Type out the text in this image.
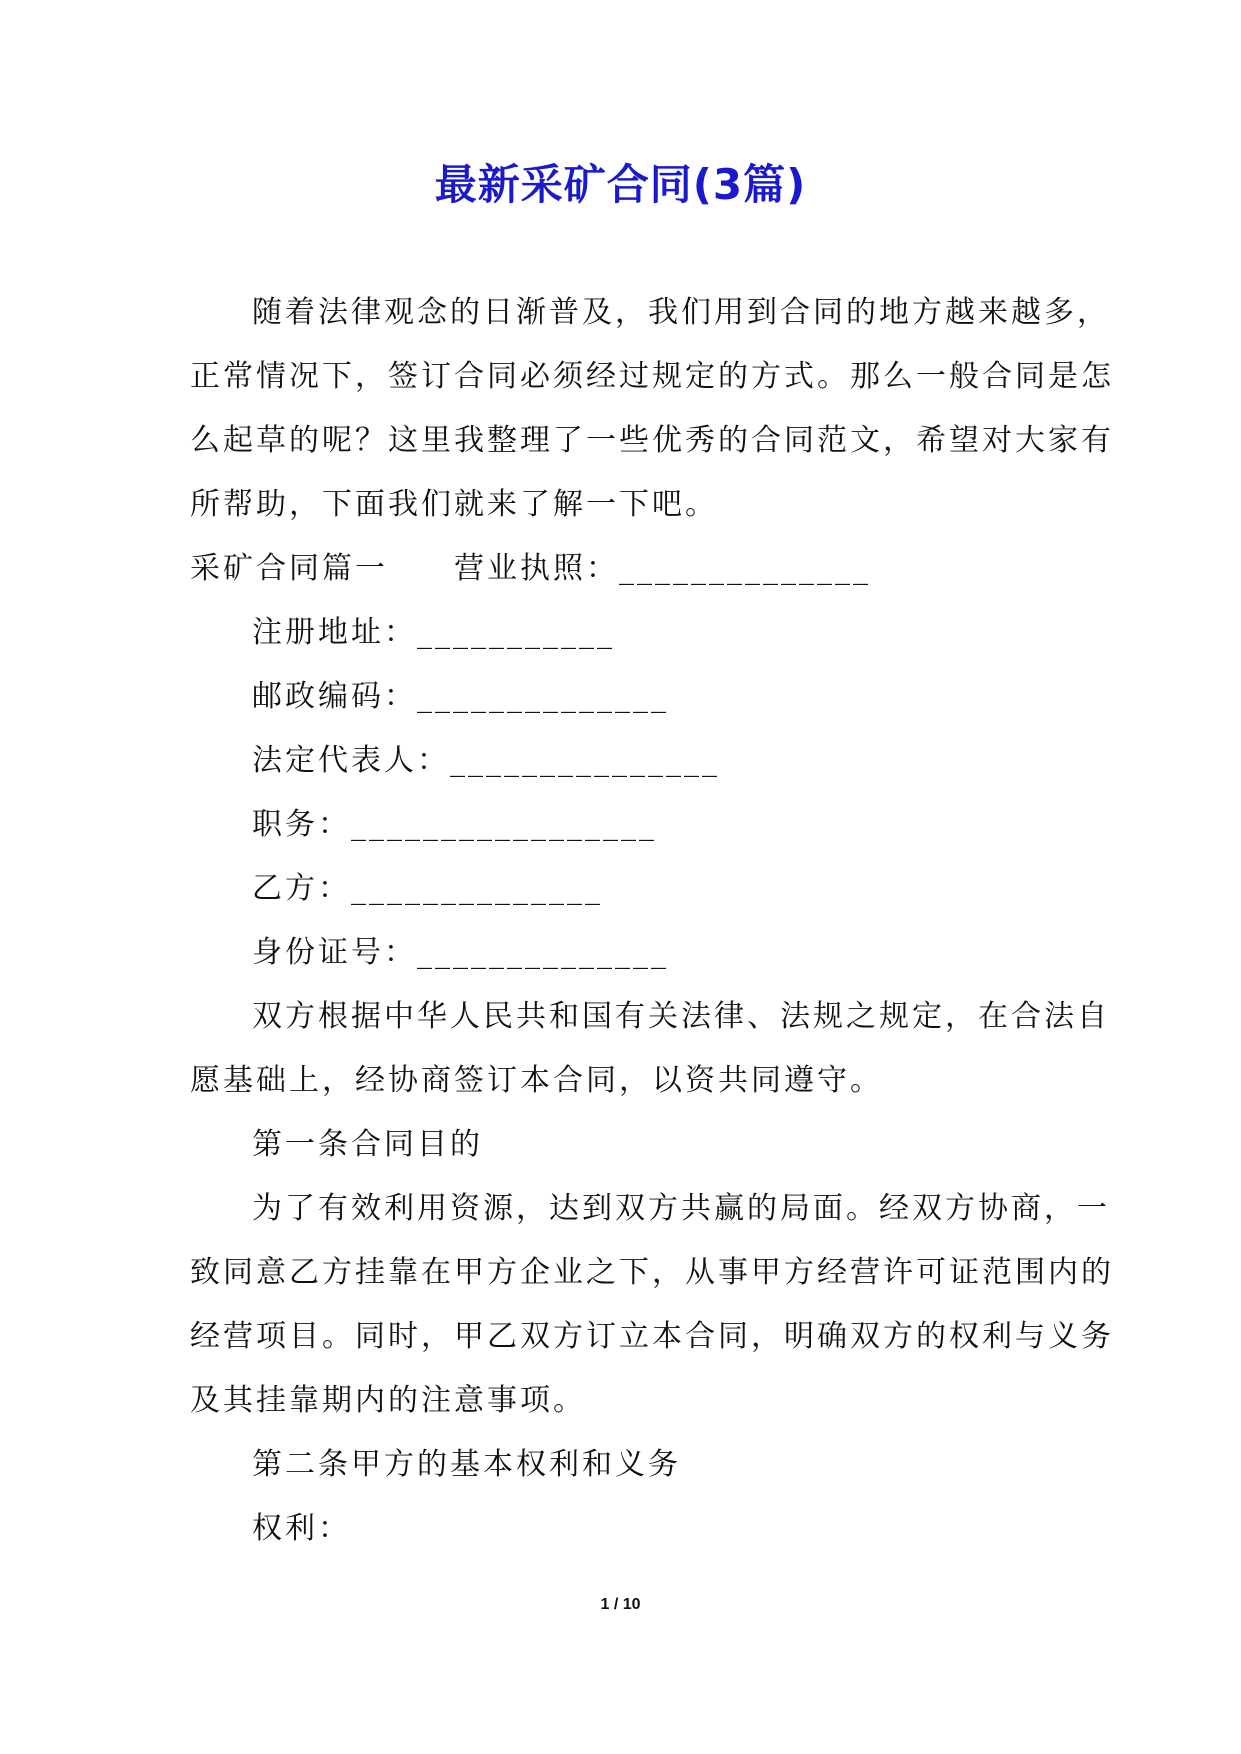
最新采矿合同(3篇)
随着法律观念的日渐普及，我们用到合同的地方越来越多，
正常情况下，签订合同必须经过规定的方式。那么一般合同是怎
么起草的呢？这里我整理了一些优秀的合同范文，希望对大家有
所帮助，下面我们就来了解一下吧。
采矿合同篇一　　营业执照：______________
注册地址：___________
邮政编码：______________
法定代表人：_______________
职务：_________________
乙方：______________
身份证号：______________
双方根据中华人民共和国有关法律、法规之规定，在合法自
愿基础上，经协商签订本合同，以资共同遵守。
第一条合同目的
为了有效利用资源，达到双方共赢的局面。经双方协商，一
致同意乙方挂靠在甲方企业之下，从事甲方经营许可证范围内的
经营项目。同时，甲乙双方订立本合同，明确双方的权利与义务
及其挂靠期内的注意事项。
第二条甲方的基本权利和义务
权利：
1 / 10
